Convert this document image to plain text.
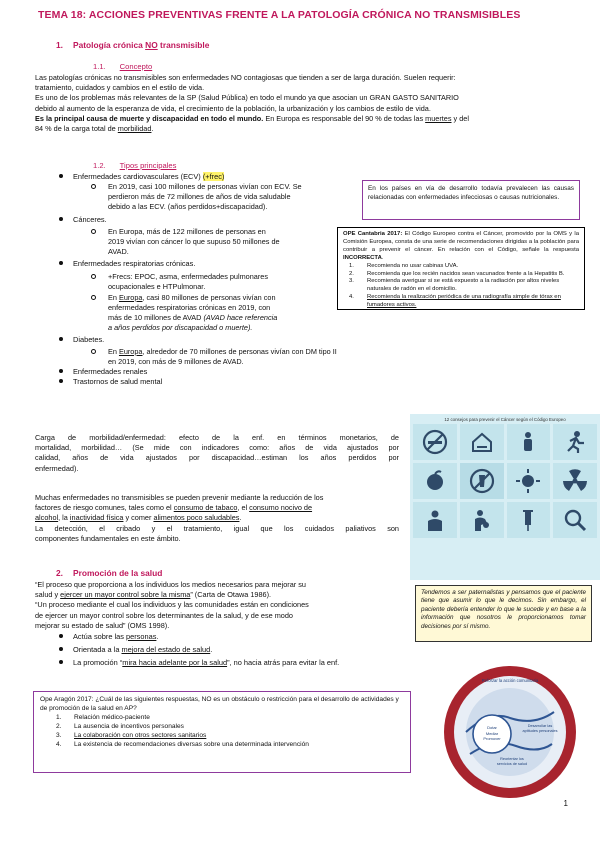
TEMA 18: ACCIONES PREVENTIVAS FRENTE A LA PATOLOGÍA CRÓNICA NO TRANSMISIBLES
1. Patología crónica NO transmisible
1.1. Concepto
Las patologías crónicas no transmisibles son enfermedades NO contagiosas que tienden a ser de larga duración. Suelen requerir:
tratamiento, cuidados y cambios en el estilo de vida.
Es uno de los problemas más relevantes de la SP (Salud Pública) en todo el mundo ya que asocian un GRAN GASTO SANITARIO
debido al aumento de la esperanza de vida, el crecimiento de la población, la urbanización y los cambios de estilo de vida.
Es la principal causa de muerte y discapacidad en todo el mundo. En Europa es responsable del 90 % de todas las muertes y del
84 % de la carga total de morbilidad.
1.2. Tipos principales
Enfermedades cardiovasculares (ECV) (+frec)
En 2019, casi 100 millones de personas vivían con ECV. Se
perdieron más de 72 millones de años de vida saludable
debido a las ECV. (años perdidos+discapacidad).
Cánceres.
En Europa, más de 122 millones de personas en
2019 vivían con cáncer lo que supuso 50 millones de
AVAD.
Enfermedades respiratorias crónicas.
+Frecs: EPOC, asma, enfermedades pulmonares
ocupacionales e HTPulmonar.
En Europa, casi 80 millones de personas vivían con
enfermedades respiratorias crónicas en 2019, con
más de 10 millones de AVAD (AVAD hace referencia
a años perdidos por discapacidad o muerte).
Diabetes.
En Europa, alrededor de 70 millones de personas vivían con DM tipo II
en 2019, con más de 9 millones de AVAD.
Enfermedades renales
Trastornos de salud mental
En los países en vía de desarrollo todavía prevalecen las causas relacionadas con enfermedades infecciosas o causas nutricionales.
OPE Cantabria 2017: El Código Europeo contra el Cáncer, promovido por la OMS y la Comisión Europea, consta de una serie de recomendaciones dirigidas a la población para contribuir a prevenir el cáncer. En relación con el Código, señale la respuesta INCORRECTA.
1. Recomienda no usar cabinas UVA.
2. Recomienda que los recién nacidos sean vacunados frente a la Hepatitis B.
3. Recomienda averiguar si se está expuesto a la radiación por altos niveles naturales de radón en el domicilio.
4. Recomienda la realización periódica de una radiografía simple de tórax en fumadores activos.
12 consejos para prevenir el Cáncer según el Código Europeo
Carga de morbilidad/enfermedad: efecto de la enf. en términos monetarios, de
mortalidad, morbilidad… (Se mide con indicadores como: años de vida ajustados por
calidad, años de vida ajustados por discapacidad…estiman los años perdidos por
enfermedad).
Muchas enfermedades no transmisibles se pueden prevenir mediante la reducción de los
factores de riesgo comunes, tales como el consumo de tabaco, el consumo nocivo de
alcohol, la inactividad física y comer alimentos poco saludables.
La detección, el cribado y el tratamiento, igual que los cuidados paliativos son
componentes fundamentales en este ámbito.
2. Promoción de la salud
“El proceso que proporciona a los individuos los medios necesarios para mejorar su
salud y ejercer un mayor control sobre la misma” (Carta de Otawa 1986).
“Un proceso mediante el cual los individuos y las comunidades están en condiciones
de ejercer un mayor control sobre los determinantes de la salud, y de ese modo
mejorar su estado de salud” (OMS 1998).
Actúa sobre las personas.
Orientada a la mejora del estado de salud.
La promoción “mira hacia adelante por la salud”, no hacia atrás para evitar la enf.
Tendemos a ser paternalistas y pensamos que el paciente tiene que asumir lo que le decimos. Sin embargo, el paciente debería entender lo que le sucede y en base a la información que nosotros le proporcionamos tomar decisiones por sí mismo.
Ope Aragón 2017: ¿Cuál de las siguientes respuestas, NO es un obstáculo o restricción para el desarrollo de actividades y de promoción de la salud en AP?
1. Relación médico-paciente
2. La ausencia de incentivos personales
3. La colaboración con otros sectores sanitarios
4. La existencia de recomendaciones diversas sobre una determinada intervención
CARTA DE OTTAWA PARA LA PROMOCIÓN DE LA SALUD
Reforzar la acción comunitaria
Dotar
Mediar
Promover
Desarrollar las
aptitudes personales
Reorientar los
servicios de salud
1
